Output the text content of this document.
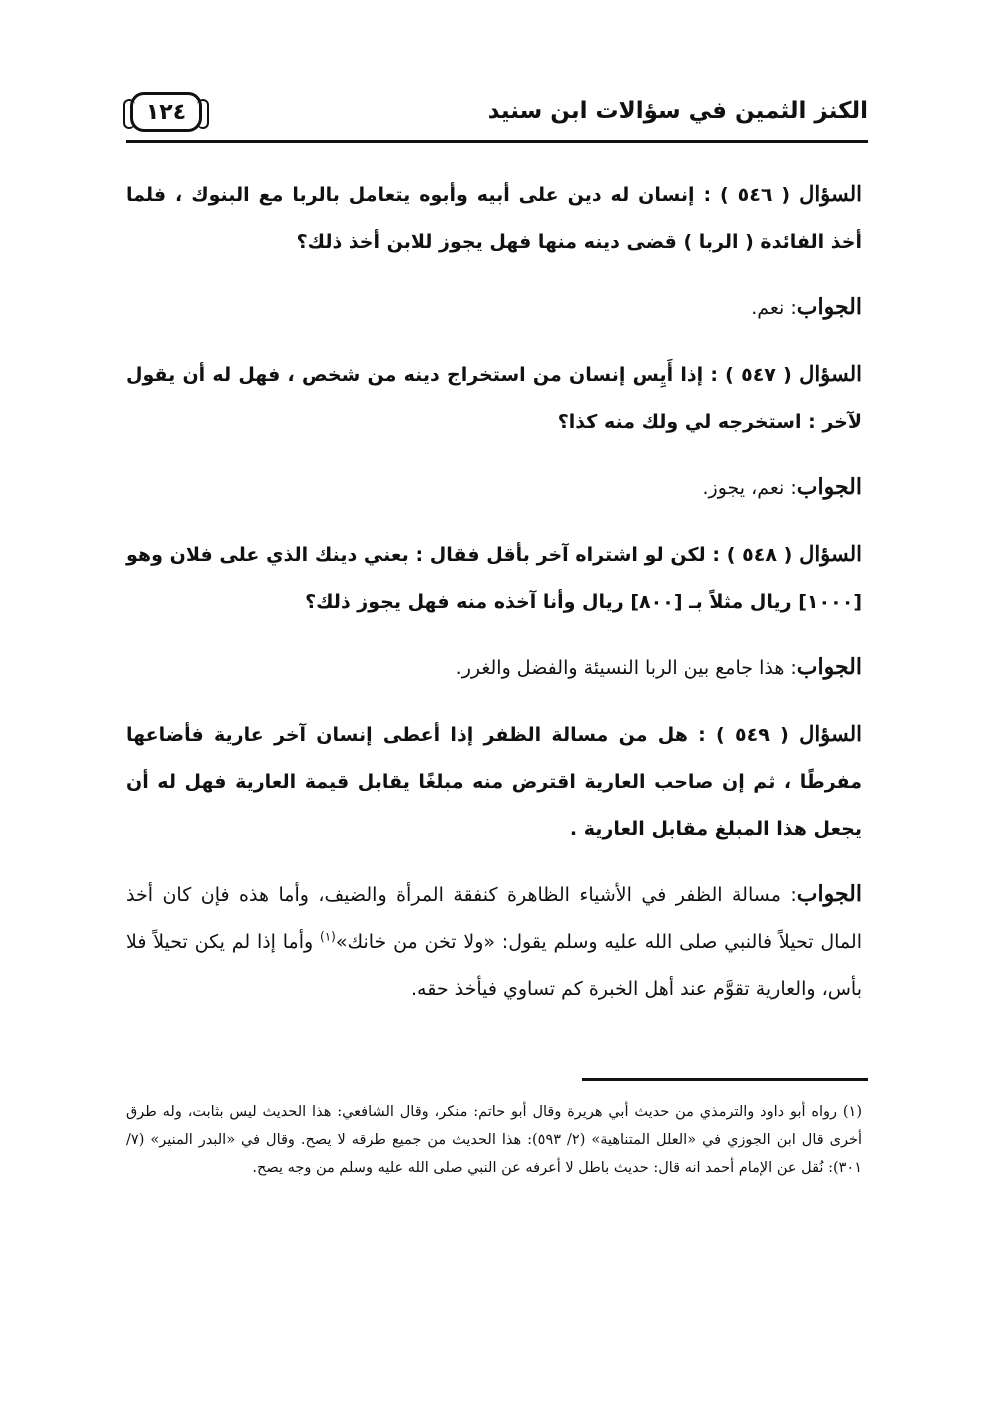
الكنز الثمين في سؤالات ابن سنيد
١٢٤

السؤال ( ٥٤٦ ) : إنسان له دين على أبيه وأبوه يتعامل بالربا مع البنوك ، فلما أخذ الفائدة ( الربا ) قضى دينه منها فهل يجوز للابن أخذ ذلك؟

الجواب: نعم.

السؤال ( ٥٤٧ ) : إذا أَيِس إنسان من استخراج دينه من شخص ، فهل له أن يقول لآخر : استخرجه لي ولك منه كذا؟

الجواب: نعم، يجوز.

السؤال ( ٥٤٨ ) : لكن لو اشتراه آخر بأقل فقال : بعني دينك الذي على فلان وهو [١٠٠٠] ريال مثلاً بـ [٨٠٠] ريال وأنا آخذه منه فهل يجوز ذلك؟

الجواب: هذا جامع بين الربا النسيئة والفضل والغرر.

السؤال ( ٥٤٩ ) : هل من مسالة الظفر إذا أعطى إنسان آخر عارية فأضاعها مفرطًا ، ثم إن صاحب العارية اقترض منه مبلغًا يقابل قيمة العارية فهل له أن يجعل هذا المبلغ مقابل العارية .

الجواب: مسالة الظفر في الأشياء الظاهرة كنفقة المرأة والضيف، وأما هذه فإن كان أخذ المال تحيلاً فالنبي صلى الله عليه وسلم يقول: «ولا تخن من خانك»$^{(١)}$ وأما إذا لم يكن تحيلاً فلا بأس، والعارية تقوَّم عند أهل الخبرة كم تساوي فيأخذ حقه.

(١) رواه أبو داود والترمذي من حديث أبي هريرة وقال أبو حاتم: منكر، وقال الشافعي: هذا الحديث ليس بثابت، وله طرق أخرى قال ابن الجوزي في «العلل المتناهية» (٢/ ٥٩٣): هذا الحديث من جميع طرقه لا يصح. وقال في «البدر المنير» (٧/ ٣٠١): نُقل عن الإمام أحمد انه قال: حديث باطل لا أعرفه عن النبي صلى الله عليه وسلم من وجه يصح.
